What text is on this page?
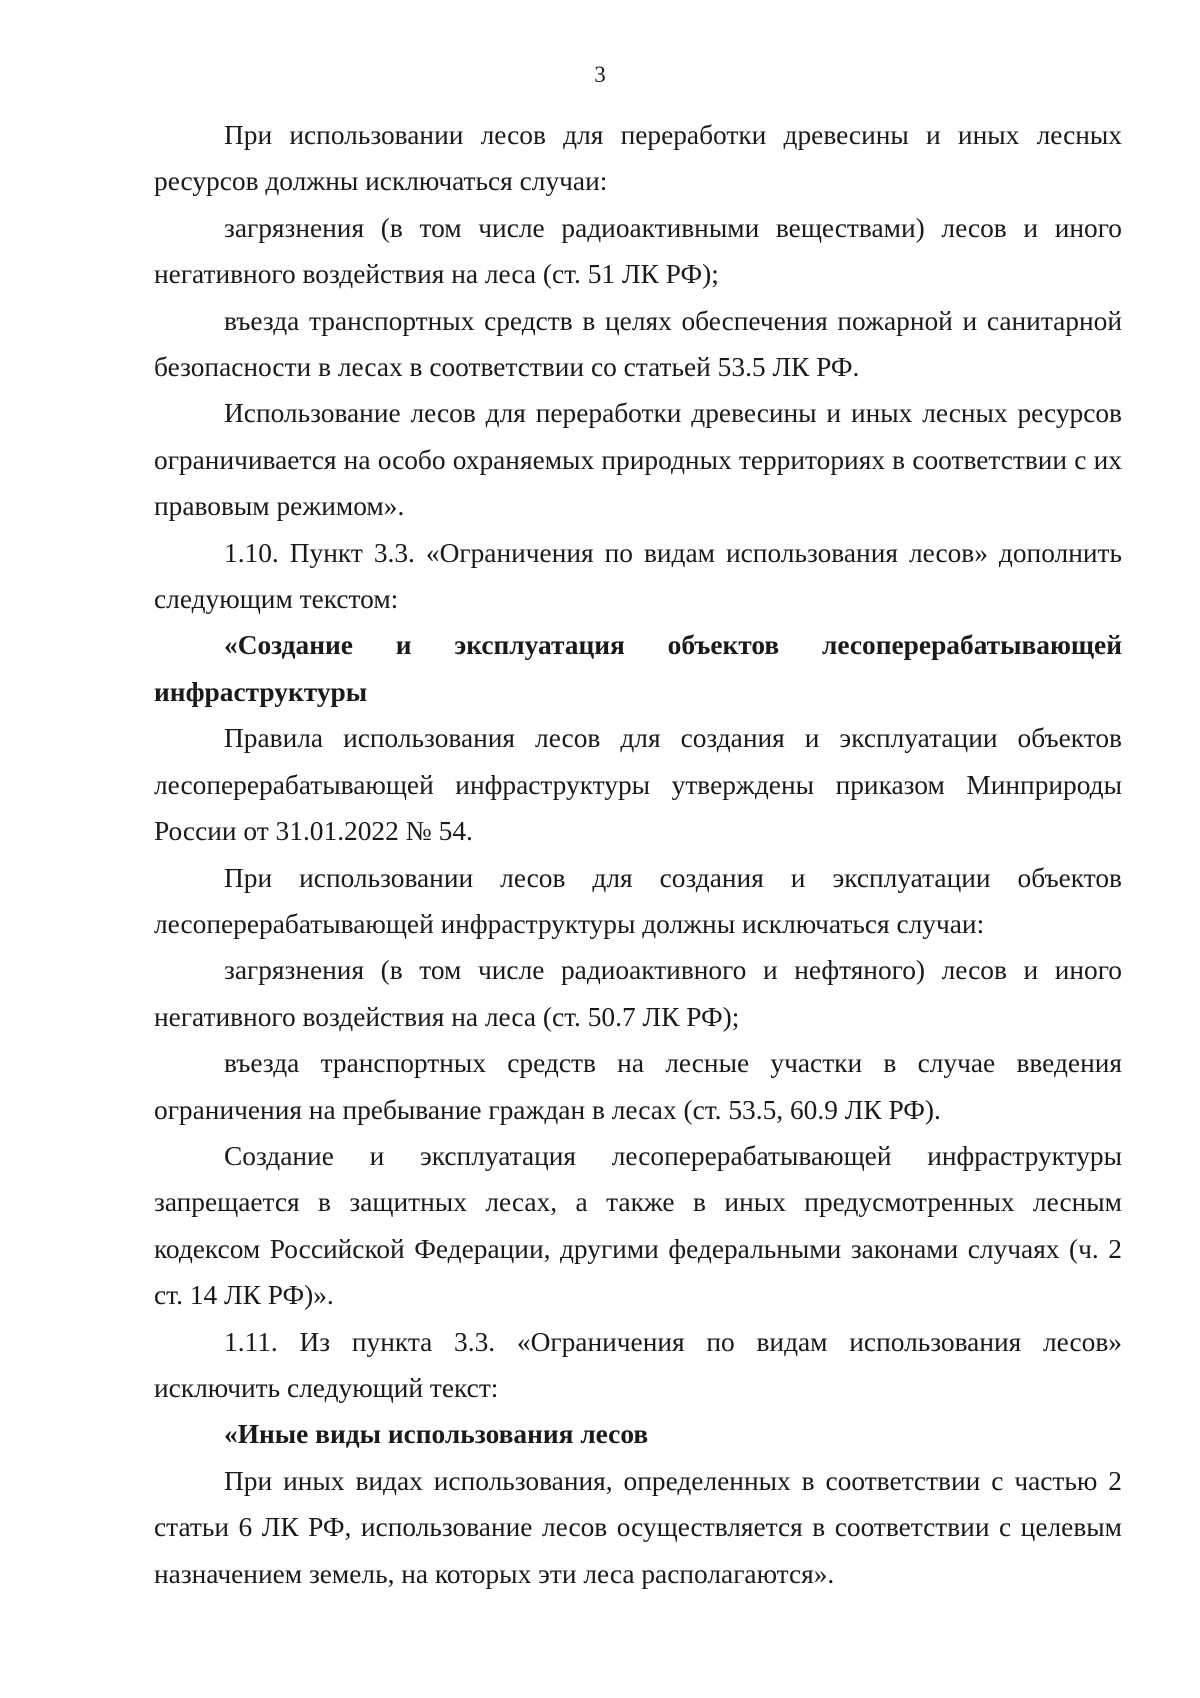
3

При использовании лесов для переработки древесины и иных лесных ресурсов должны исключаться случаи:

загрязнения (в том числе радиоактивными веществами) лесов и иного негативного воздействия на леса (ст. 51 ЛК РФ);

въезда транспортных средств в целях обеспечения пожарной и санитарной безопасности в лесах в соответствии со статьей 53.5 ЛК РФ.

Использование лесов для переработки древесины и иных лесных ресурсов ограничивается на особо охраняемых природных территориях в соответствии с их правовым режимом».

1.10. Пункт 3.3. «Ограничения по видам использования лесов» дополнить следующим текстом:

«Создание и эксплуатация объектов лесоперерабатывающей инфраструктуры

Правила использования лесов для создания и эксплуатации объектов лесоперерабатывающей инфраструктуры утверждены приказом Минприроды России от 31.01.2022 № 54.

При использовании лесов для создания и эксплуатации объектов лесоперерабатывающей инфраструктуры должны исключаться случаи:

загрязнения (в том числе радиоактивного и нефтяного) лесов и иного негативного воздействия на леса (ст. 50.7 ЛК РФ);

въезда транспортных средств на лесные участки в случае введения ограничения на пребывание граждан в лесах (ст. 53.5, 60.9 ЛК РФ).

Создание и эксплуатация лесоперерабатывающей инфраструктуры запрещается в защитных лесах, а также в иных предусмотренных лесным кодексом Российской Федерации, другими федеральными законами случаях (ч. 2 ст. 14 ЛК РФ)».

1.11. Из пункта 3.3. «Ограничения по видам использования лесов» исключить следующий текст:

«Иные виды использования лесов

При иных видах использования, определенных в соответствии с частью 2 статьи 6 ЛК РФ, использование лесов осуществляется в соответствии с целевым назначением земель, на которых эти леса располагаются».
